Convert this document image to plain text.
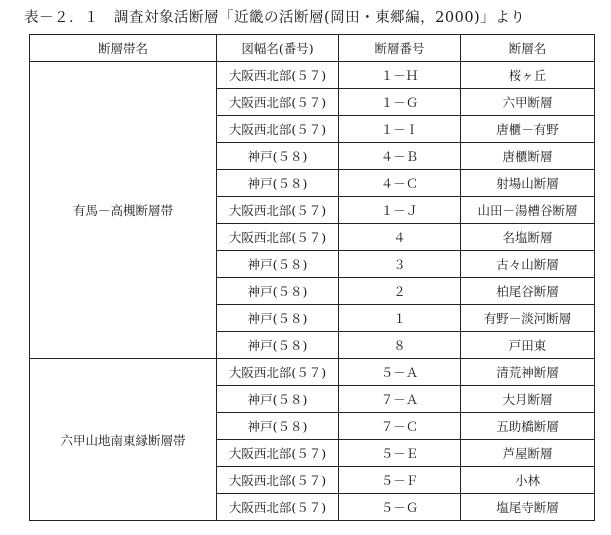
表－２．１　調査対象活断層「近畿の活断層(岡田・東郷編，2000)」より
断層帯名	図幅名(番号)	断層番号	断層名
有馬－高槻断層帯	大阪西北部(５７)	１－Ｈ	桜ヶ丘
	大阪西北部(５７)	１－Ｇ	六甲断層
	大阪西北部(５７)	１－Ｉ	唐櫃－有野
	神戸(５８)	４－Ｂ	唐櫃断層
	神戸(５８)	４－Ｃ	射場山断層
	大阪西北部(５７)	１－Ｊ	山田－湯槽谷断層
	大阪西北部(５７)	４	名塩断層
	神戸(５８)	３	古々山断層
	神戸(５８)	２	柏尾谷断層
	神戸(５８)	１	有野－淡河断層
	神戸(５８)	８	戸田東
六甲山地南東縁断層帯	大阪西北部(５７)	５－Ａ	清荒神断層
	神戸(５８)	７－Ａ	大月断層
	神戸(５８)	７－Ｃ	五助橋断層
	大阪西北部(５７)	５－Ｅ	芦屋断層
	大阪西北部(５７)	５－Ｆ	小林
	大阪西北部(５７)	５－Ｇ	塩尾寺断層
